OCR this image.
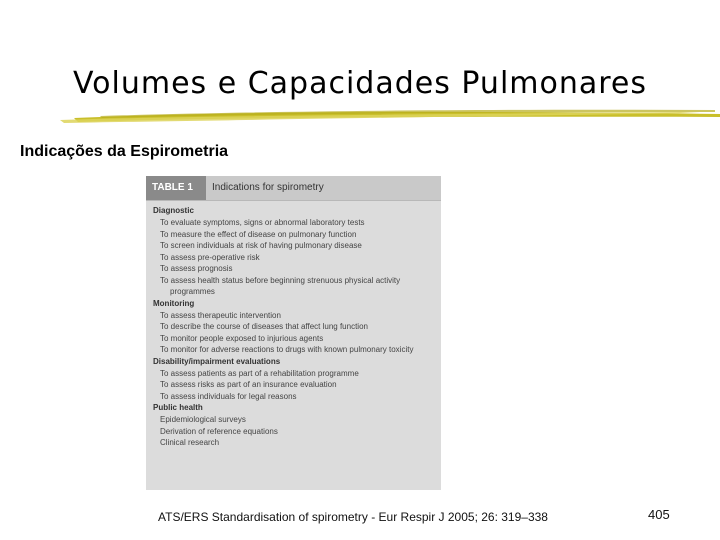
Volumes e Capacidades Pulmonares
Indicações da Espirometria
TABLE 1	Indications for spirometry
Diagnostic
To evaluate symptoms, signs or abnormal laboratory tests
To measure the effect of disease on pulmonary function
To screen individuals at risk of having pulmonary disease
To assess pre-operative risk
To assess prognosis
To assess health status before beginning strenuous physical activity
programmes
Monitoring
To assess therapeutic intervention
To describe the course of diseases that affect lung function
To monitor people exposed to injurious agents
To monitor for adverse reactions to drugs with known pulmonary toxicity
Disability/impairment evaluations
To assess patients as part of a rehabilitation programme
To assess risks as part of an insurance evaluation
To assess individuals for legal reasons
Public health
Epidemiological surveys
Derivation of reference equations
Clinical research
ATS/ERS Standardisation of spirometry - Eur Respir J 2005; 26: 319–338	405
